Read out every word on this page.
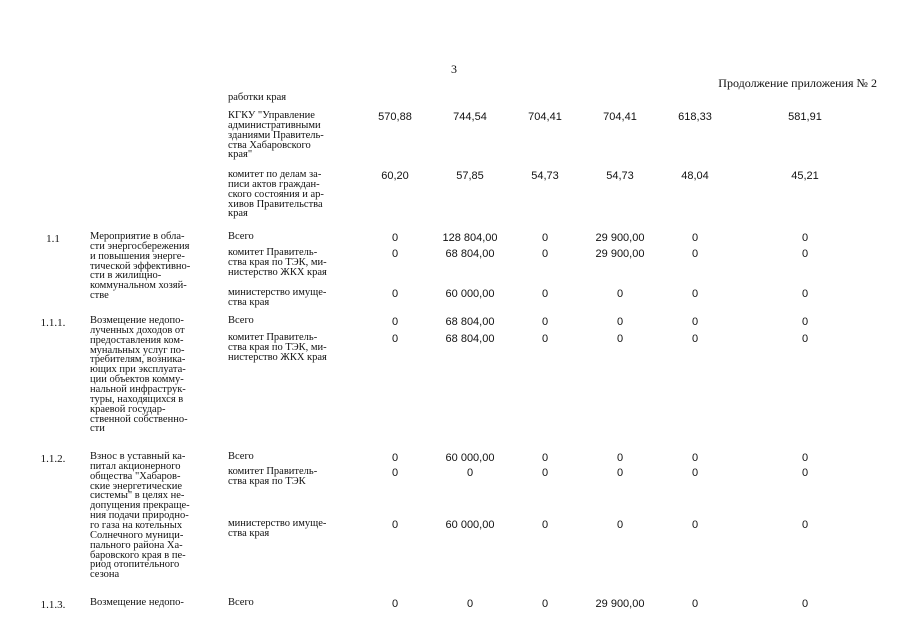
3
Продолжение приложения № 2
работки края
КГКУ "Управление
административными
зданиями Правитель-
ства Хабаровского
края"
570,88	744,54	704,41	704,41	618,33	581,91
комитет по делам за-
писи актов граждан-
ского состояния и ар-
хивов Правительства
края
60,20	57,85	54,73	54,73	48,04	45,21
1.1	Мероприятие в обла-
сти энергосбережения
и повышения энерге-
тической эффективно-
сти в жилищно-
коммунальном хозяй-
стве
Всего	0	128 804,00	0	29 900,00	0	0
комитет Правитель-
ства края по ТЭК, ми-
нистерство ЖКХ края
0	68 804,00	0	29 900,00	0	0
министерство имуще-
ства края
0	60 000,00	0	0	0	0
1.1.1.	Возмещение недопо-
лученных доходов от
предоставления ком-
мунальных услуг по-
требителям, возника-
ющих при эксплуата-
ции объектов комму-
нальной инфраструк-
туры, находящихся в
краевой государ-
ственной собственно-
сти
Всего	0	68 804,00	0	0	0	0
комитет Правитель-
ства края по ТЭК, ми-
нистерство ЖКХ края
0	68 804,00	0	0	0	0
1.1.2.	Взнос в уставный ка-
питал акционерного
общества "Хабаров-
ские энергетические
системы" в целях не-
допущения прекраще-
ния подачи природно-
го газа на котельных
Солнечного муници-
пального района Ха-
баровского края в пе-
риод отопительного
сезона
Всего	0	60 000,00	0	0	0	0
комитет Правитель-
ства края по ТЭК
0	0	0	0	0	0
министерство имуще-
ства края
0	60 000,00	0	0	0	0
1.1.3.	Возмещение недопо-	Всего	0	0	0	29 900,00	0	0
